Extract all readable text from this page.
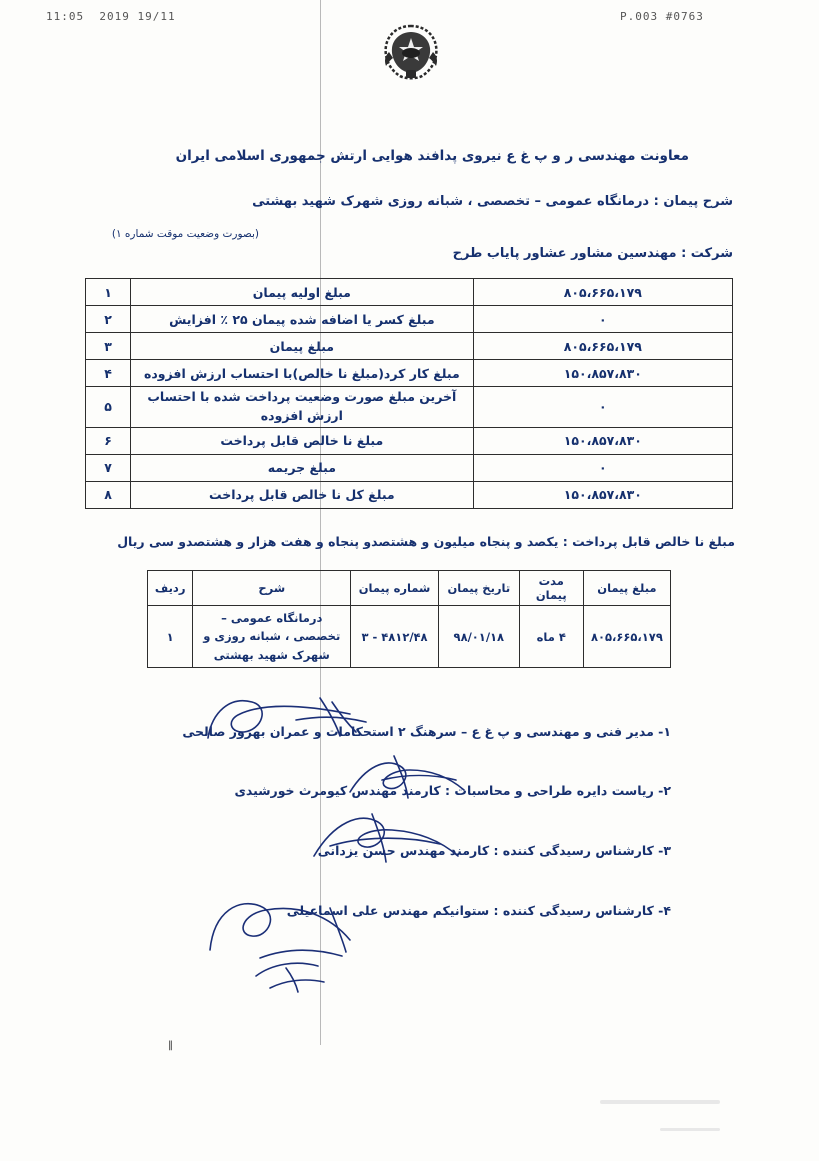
19/11 2019  11:05	#0763 P.003
‖
معاونت مهندسی ر و پ غ ع نیروی پدافند هوایی ارتش جمهوری اسلامی ایران
شرح پیمان : درمانگاه عمومی – تخصصی ، شبانه روزی شهرک شهید بهشتی
(بصورت وضعیت موقت شماره ۱)
شرکت : مهندسین مشاور عشاور پایاب طرح
۸۰۵،۶۶۵،۱۷۹	مبلغ اولیه پیمان	۱
۰	مبلغ کسر یا اضافه شده پیمان ۲۵ ٪ افزایش	۲
۸۰۵،۶۶۵،۱۷۹	مبلغ پیمان	۳
۱۵۰،۸۵۷،۸۳۰	مبلغ کار کرد(مبلغ نا خالص)با احتساب ارزش افزوده	۴
۰	آخرین مبلغ صورت وضعیت پرداخت شده با احتساب ارزش افزوده	۵
۱۵۰،۸۵۷،۸۳۰	مبلغ نا خالص قابل پرداخت	۶
۰	مبلغ جریمه	۷
۱۵۰،۸۵۷،۸۳۰	مبلغ کل نا خالص قابل پرداخت	۸
مبلغ نا خالص قابل پرداخت : یکصد و پنجاه میلیون و هشتصدو پنجاه و هفت هزار و هشتصدو سی ریال
مبلغ پیمان	مدت پیمان	تاریخ پیمان	شماره پیمان	شرح	ردیف
۸۰۵،۶۶۵،۱۷۹	۴ ماه	۹۸/۰۱/۱۸	۴۸۱۲/۴۸ - ۳	درمانگاه عمومی – تخصصی ، شبانه روزی و شهرک شهید بهشتی	۱
۱- مدیر فنی و مهندسی و پ غ ع – سرهنگ ۲ استحکامات و عمران بهروز صالحی
۲- ریاست دایره طراحی و محاسبات : کارمند مهندس کیومرث خورشیدی
۳- کارشناس رسیدگی کننده : کارمند مهندس حسن یزدانی
۴- کارشناس رسیدگی کننده : ستوانیکم مهندس علی اسماعیلی
